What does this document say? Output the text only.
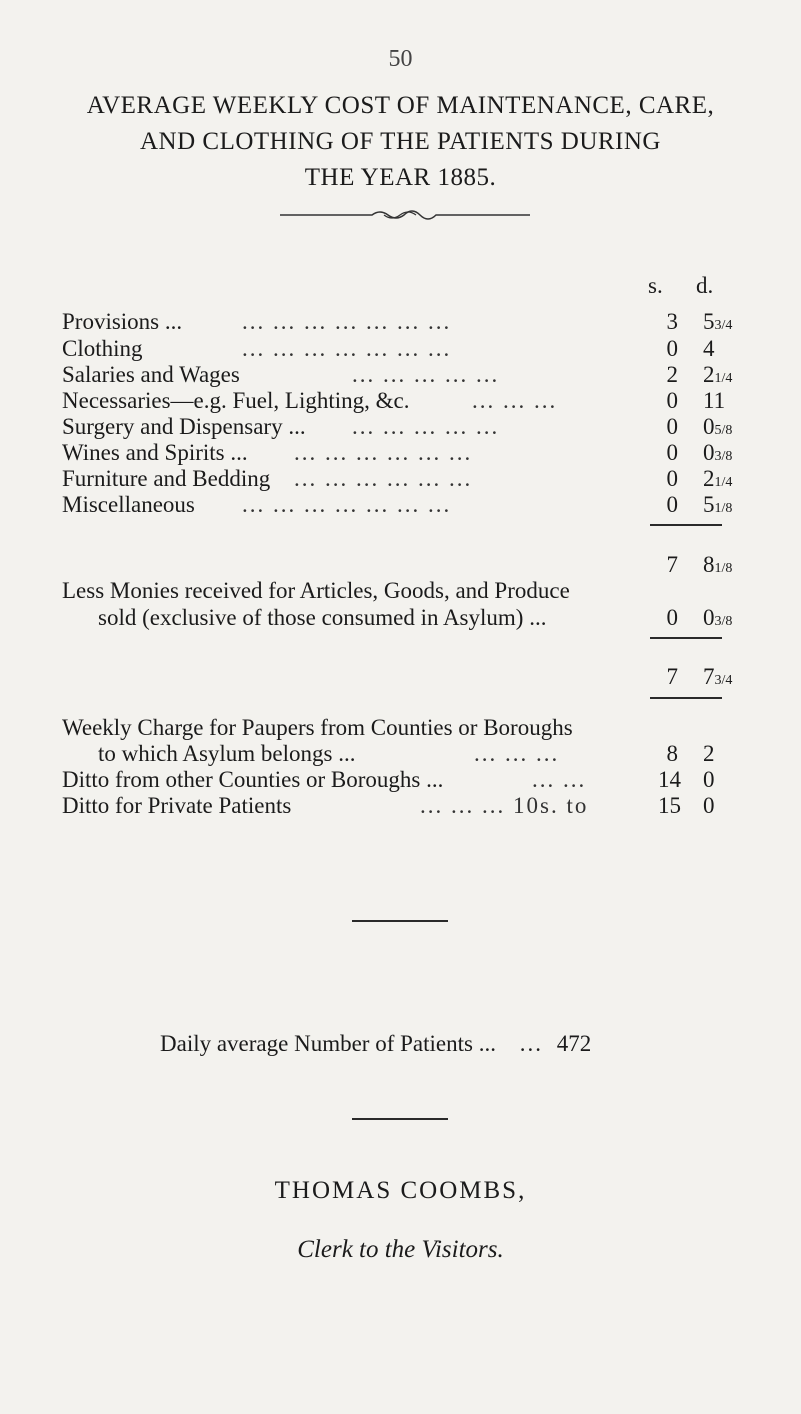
50
AVERAGE WEEKLY COST OF MAINTENANCE, CARE,
AND CLOTHING OF THE PATIENTS DURING
THE YEAR 1885.
s. d.
Provisions ...	... ... ... ... ... ... ...	3 53/4
Clothing	... ... ... ... ... ... ...	0 4
Salaries and Wages	... ... ... ... ...	2 21/4
Necessaries—e.g. Fuel, Lighting, &c.	... ... ...	0 11
Surgery and Dispensary ... ... ... ... ... ...	0 05/8
Wines and Spirits ... ... ... ... ... ... ...	0 03/8
Furniture and Bedding ... ... ... ... ... ...	0 21/4
Miscellaneous ... ... ... ... ... ... ...	0 51/8
7 81/8
Less Monies received for Articles, Goods, and Produce
sold (exclusive of those consumed in Asylum) ...	0 03/8
7 73/4
Weekly Charge for Paupers from Counties or Boroughs
to which Asylum belongs ...	... ... ...	8 2
Ditto from other Counties or Boroughs ...	... ...	14 0
Ditto for Private Patients	... ... ... 10s. to	15 0
Daily average Number of Patients ... ... 472
THOMAS COOMBS,
Clerk to the Visitors.
